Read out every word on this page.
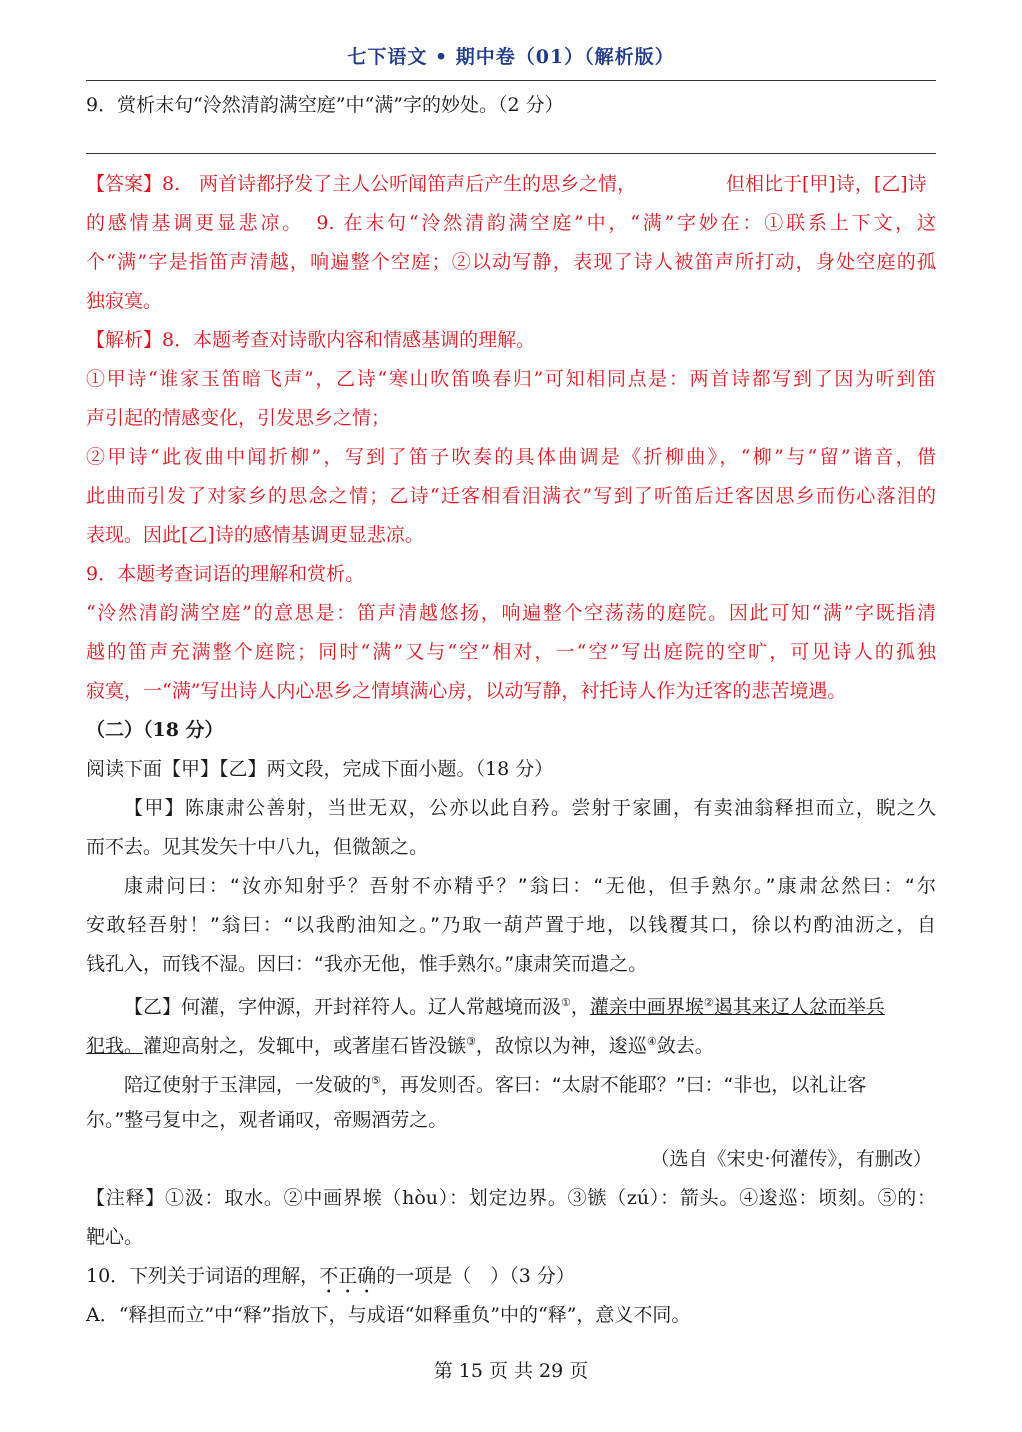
七下语文 • 期中卷（01）（解析版）
9．赏析末句“泠然清韵满空庭”中“满”字的妙处。（2 分）
【答案】8.　两首诗都抒发了主人公听闻笛声后产生的思乡之情，	但相比于[甲]诗，[乙]诗
的感情基调更显悲凉。　9. 在末句“泠然清韵满空庭”中，“满”字妙在：①联系上下文，这
个“满”字是指笛声清越，响遍整个空庭；②以动写静，表现了诗人被笛声所打动，身处空庭的孤
独寂寞。
【解析】8．本题考查对诗歌内容和情感基调的理解。
①甲诗“谁家玉笛暗飞声”，乙诗“寒山吹笛唤春归”可知相同点是：两首诗都写到了因为听到笛
声引起的情感变化，引发思乡之情；
②甲诗“此夜曲中闻折柳”，写到了笛子吹奏的具体曲调是《折柳曲》，“柳”与“留”谐音，借
此曲而引发了对家乡的思念之情；乙诗“迁客相看泪满衣”写到了听笛后迁客因思乡而伤心落泪的
表现。因此[乙]诗的感情基调更显悲凉。
9．本题考查词语的理解和赏析。
“泠然清韵满空庭”的意思是：笛声清越悠扬，响遍整个空荡荡的庭院。因此可知“满”字既指清
越的笛声充满整个庭院；同时“满”又与“空”相对，一“空”写出庭院的空旷，可见诗人的孤独
寂寞，一“满”写出诗人内心思乡之情填满心房，以动写静，衬托诗人作为迁客的悲苦境遇。
（二）（18 分）
阅读下面【甲】【乙】两文段，完成下面小题。（18 分）
【甲】陈康肃公善射，当世无双，公亦以此自矜。尝射于家圃，有卖油翁释担而立，睨之久
而不去。见其发矢十中八九，但微颔之。
康肃问曰：“汝亦知射乎？吾射不亦精乎？”翁曰：“无他，但手熟尔。”康肃忿然曰：“尔
安敢轻吾射！”翁曰：“以我酌油知之。”乃取一葫芦置于地，以钱覆其口，徐以杓酌油沥之，自
钱孔入，而钱不湿。因曰：“我亦无他，惟手熟尔。”康肃笑而遣之。
【乙】何灌，字仲源，开封祥符人。辽人常越境而汲①，灌亲中画界堠②遏其来辽人忿而举兵
犯我。灌迎高射之，发辄中，或著崖石皆没镞③，敌惊以为神，逡巡④敛去。
陪辽使射于玉津园，一发破的⑤，再发则否。客曰：“太尉不能耶？”曰：“非也，以礼让客
尔。”整弓复中之，观者诵叹，帝赐酒劳之。
（选自《宋史·何灌传》，有删改）
【注释】①汲：取水。②中画界堠（hòu）：划定边界。③镞（zú）：箭头。④逡巡：顷刻。⑤的：
靶心。
10．下列关于词语的理解，不正确的一项是（　）（3 分）
A．“释担而立”中“释”指放下，与成语“如释重负”中的“释”，意义不同。
第 15 页 共 29 页
